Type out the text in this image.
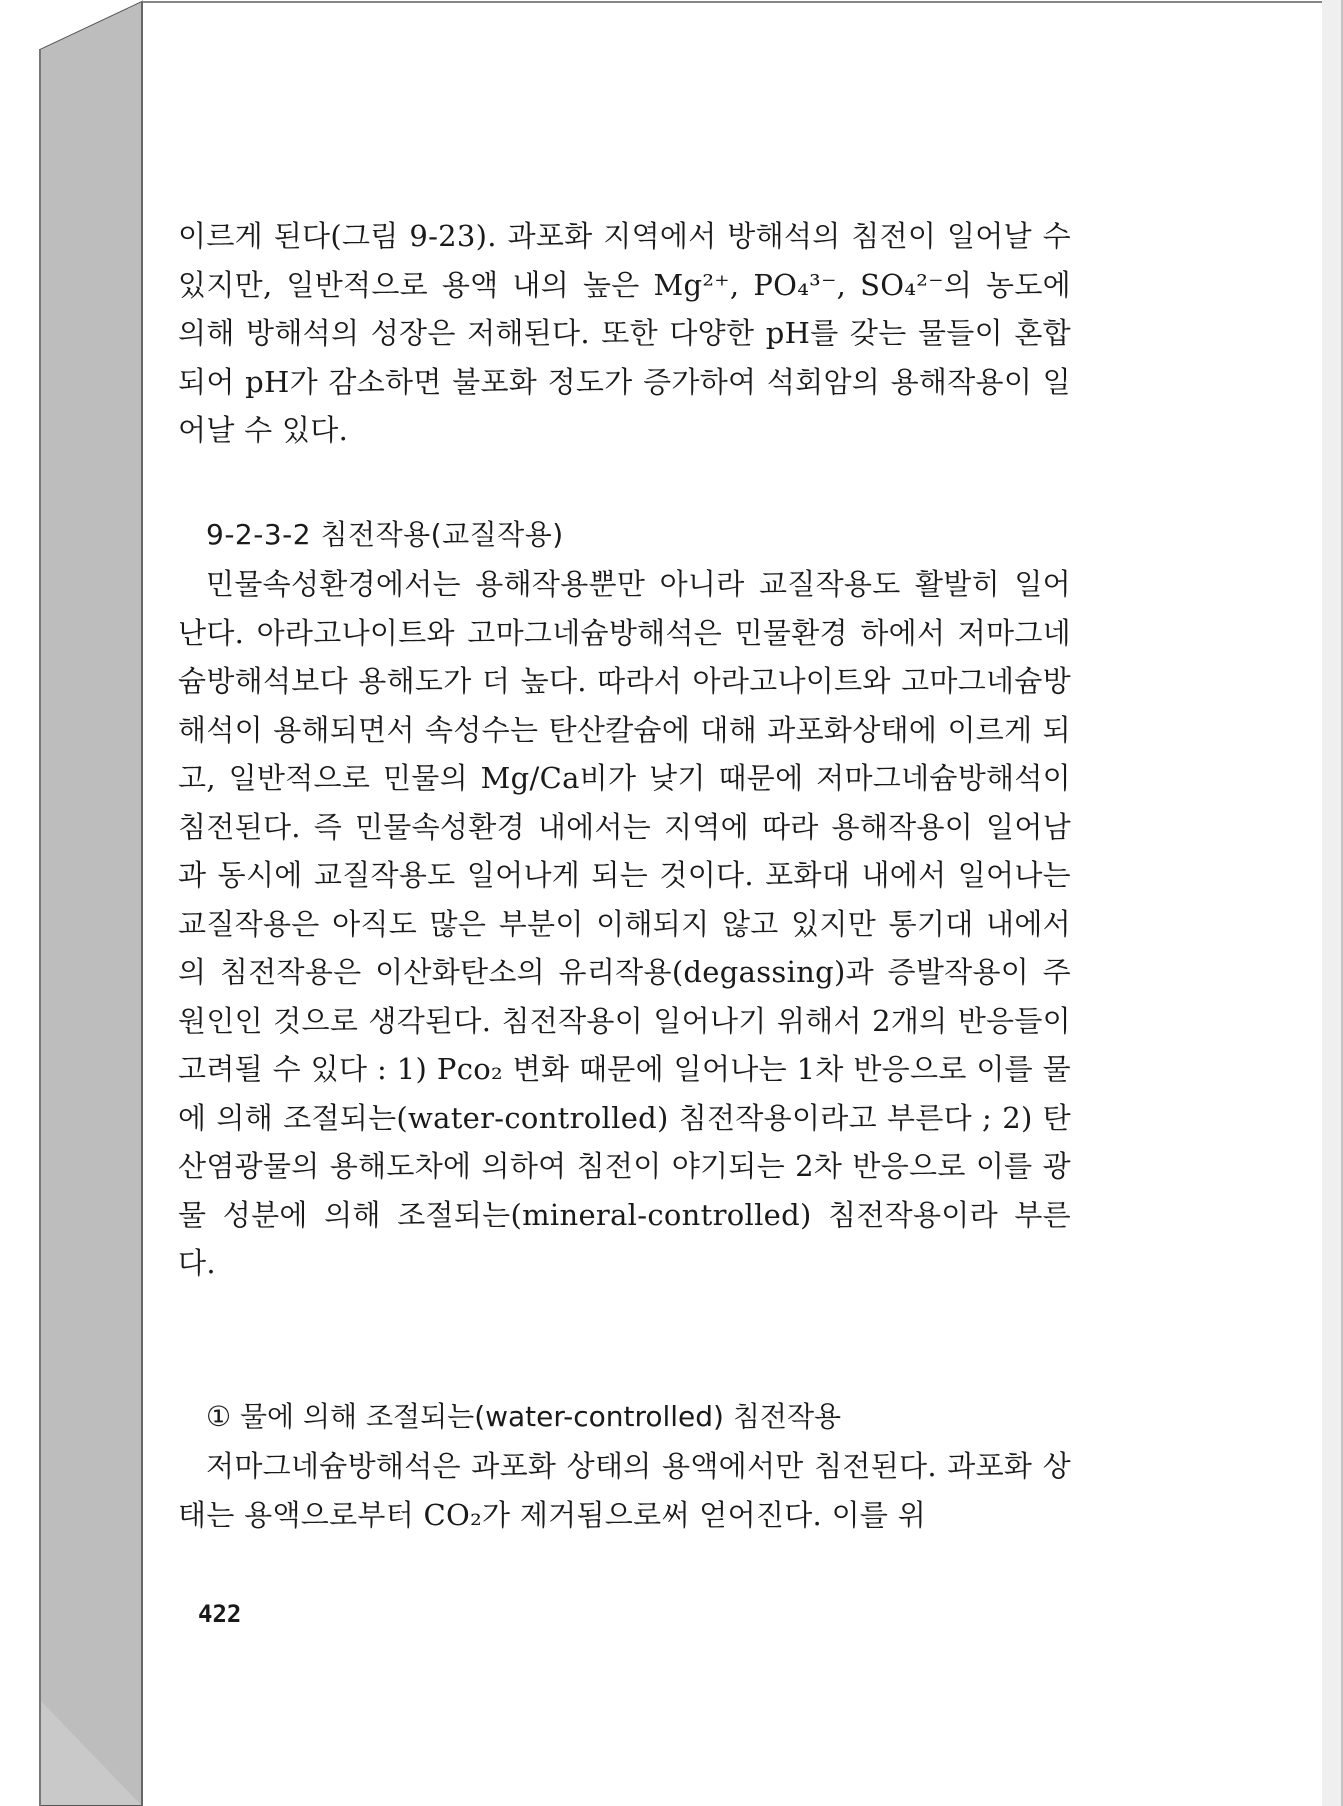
이르게 된다(그림 9-23). 과포화 지역에서 방해석의 침전이 일어날 수 있지만, 일반적으로 용액 내의 높은 Mg²⁺, PO₄³⁻, SO₄²⁻의 농도에 의해 방해석의 성장은 저해된다. 또한 다양한 pH를 갖는 물들이 혼합되어 pH가 감소하면 불포화 정도가 증가하여 석회암의 용해작용이 일어날 수 있다.

9-2-3-2 침전작용(교질작용)

민물속성환경에서는 용해작용뿐만 아니라 교질작용도 활발히 일어난다. 아라고나이트와 고마그네슘방해석은 민물환경 하에서 저마그네슘방해석보다 용해도가 더 높다. 따라서 아라고나이트와 고마그네슘방해석이 용해되면서 속성수는 탄산칼슘에 대해 과포화상태에 이르게 되고, 일반적으로 민물의 Mg/Ca비가 낮기 때문에 저마그네슘방해석이 침전된다. 즉 민물속성환경 내에서는 지역에 따라 용해작용이 일어남과 동시에 교질작용도 일어나게 되는 것이다. 포화대 내에서 일어나는 교질작용은 아직도 많은 부분이 이해되지 않고 있지만 통기대 내에서의 침전작용은 이산화탄소의 유리작용(degassing)과 증발작용이 주원인인 것으로 생각된다. 침전작용이 일어나기 위해서 2개의 반응들이 고려될 수 있다 : 1) Pco₂ 변화 때문에 일어나는 1차 반응으로 이를 물에 의해 조절되는(water-controlled) 침전작용이라고 부른다 ; 2) 탄산염광물의 용해도차에 의하여 침전이 야기되는 2차 반응으로 이를 광물 성분에 의해 조절되는(mineral-controlled) 침전작용이라 부른다.

① 물에 의해 조절되는(water-controlled) 침전작용

저마그네슘방해석은 과포화 상태의 용액에서만 침전된다. 과포화 상태는 용액으로부터 CO₂가 제거됨으로써 얻어진다. 이를 위

422
